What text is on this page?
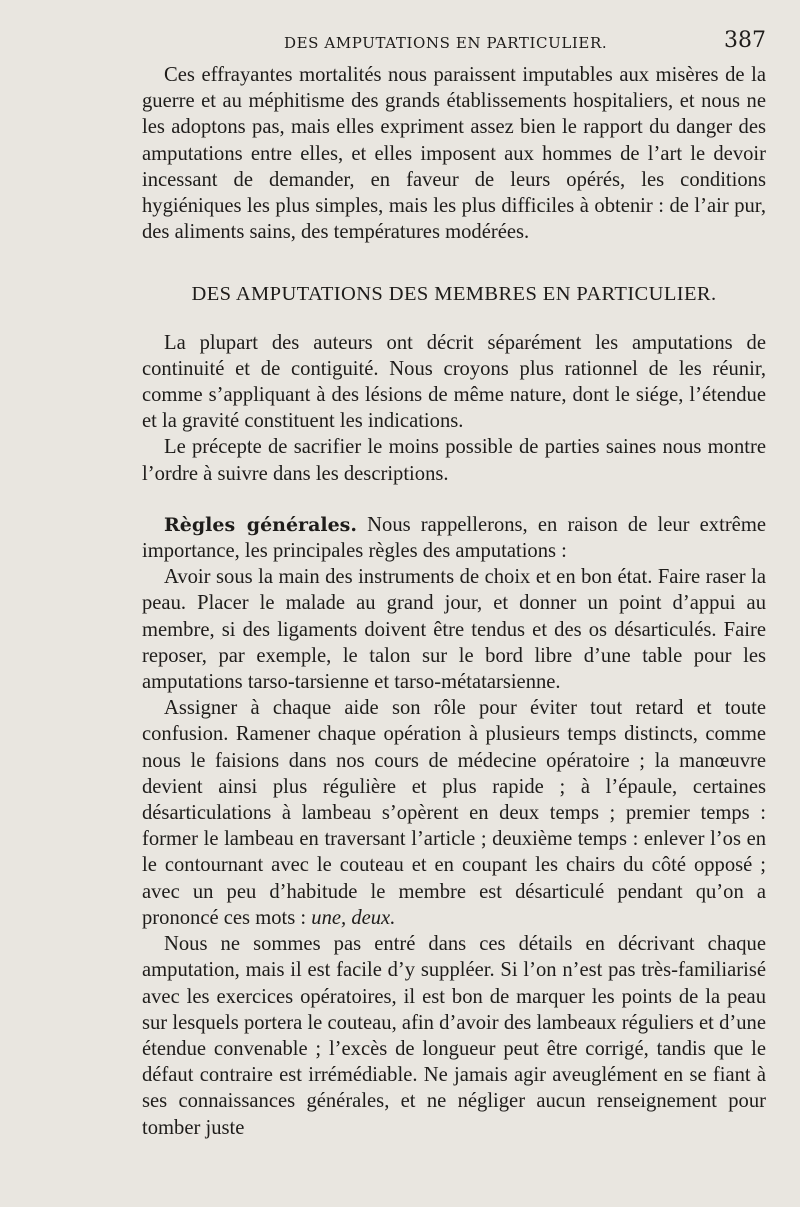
DES AMPUTATIONS EN PARTICULIER.	387

Ces effrayantes mortalités nous paraissent imputables aux misères de la guerre et au méphitisme des grands établissements hospitaliers, et nous ne les adoptons pas, mais elles expriment assez bien le rapport du danger des amputations entre elles, et elles imposent aux hommes de l’art le devoir incessant de demander, en faveur de leurs opérés, les conditions hygiéniques les plus simples, mais les plus difficiles à obtenir : de l’air pur, des aliments sains, des températures modérées.

DES AMPUTATIONS DES MEMBRES EN PARTICULIER.

La plupart des auteurs ont décrit séparément les amputations de continuité et de contiguité. Nous croyons plus rationnel de les réunir, comme s’appliquant à des lésions de même nature, dont le siége, l’étendue et la gravité constituent les indications.

Le précepte de sacrifier le moins possible de parties saines nous montre l’ordre à suivre dans les descriptions.

Règles générales. Nous rappellerons, en raison de leur extrême importance, les principales règles des amputations :

Avoir sous la main des instruments de choix et en bon état. Faire raser la peau. Placer le malade au grand jour, et donner un point d’appui au membre, si des ligaments doivent être tendus et des os désarticulés. Faire reposer, par exemple, le talon sur le bord libre d’une table pour les amputations tarso-tarsienne et tarso-métatarsienne.

Assigner à chaque aide son rôle pour éviter tout retard et toute confusion. Ramener chaque opération à plusieurs temps distincts, comme nous le faisions dans nos cours de médecine opératoire ; la manœuvre devient ainsi plus régulière et plus rapide ; à l’épaule, certaines désarticulations à lambeau s’opèrent en deux temps ; premier temps : former le lambeau en traversant l’article ; deuxième temps : enlever l’os en le contournant avec le couteau et en coupant les chairs du côté opposé ; avec un peu d’habitude le membre est désarticulé pendant qu’on a prononcé ces mots : une, deux.

Nous ne sommes pas entré dans ces détails en décrivant chaque amputation, mais il est facile d’y suppléer. Si l’on n’est pas très-familiarisé avec les exercices opératoires, il est bon de marquer les points de la peau sur lesquels portera le couteau, afin d’avoir des lambeaux réguliers et d’une étendue convenable ; l’excès de longueur peut être corrigé, tandis que le défaut contraire est irrémédiable. Ne jamais agir aveuglément en se fiant à ses connaissances générales, et ne négliger aucun renseignement pour tomber juste
